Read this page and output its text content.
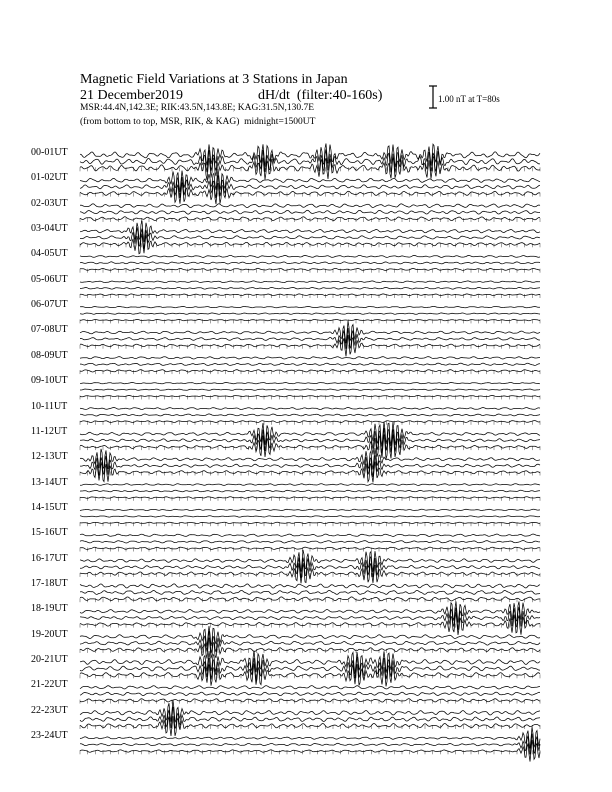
Magnetic Field Variations at 3 Stations in Japan
21 December2019	dH/dt (filter:40-160s)
MSR:44.4N,142.3E; RIK:43.5N,143.8E; KAG:31.5N,130.7E
(from bottom to top, MSR, RIK, & KAG) midnight=1500UT
1.00 nT at T=80s
00-01UT
01-02UT
02-03UT
03-04UT
04-05UT
05-06UT
06-07UT
07-08UT
08-09UT
09-10UT
10-11UT
11-12UT
12-13UT
13-14UT
14-15UT
15-16UT
16-17UT
17-18UT
18-19UT
19-20UT
20-21UT
21-22UT
22-23UT
23-24UT
